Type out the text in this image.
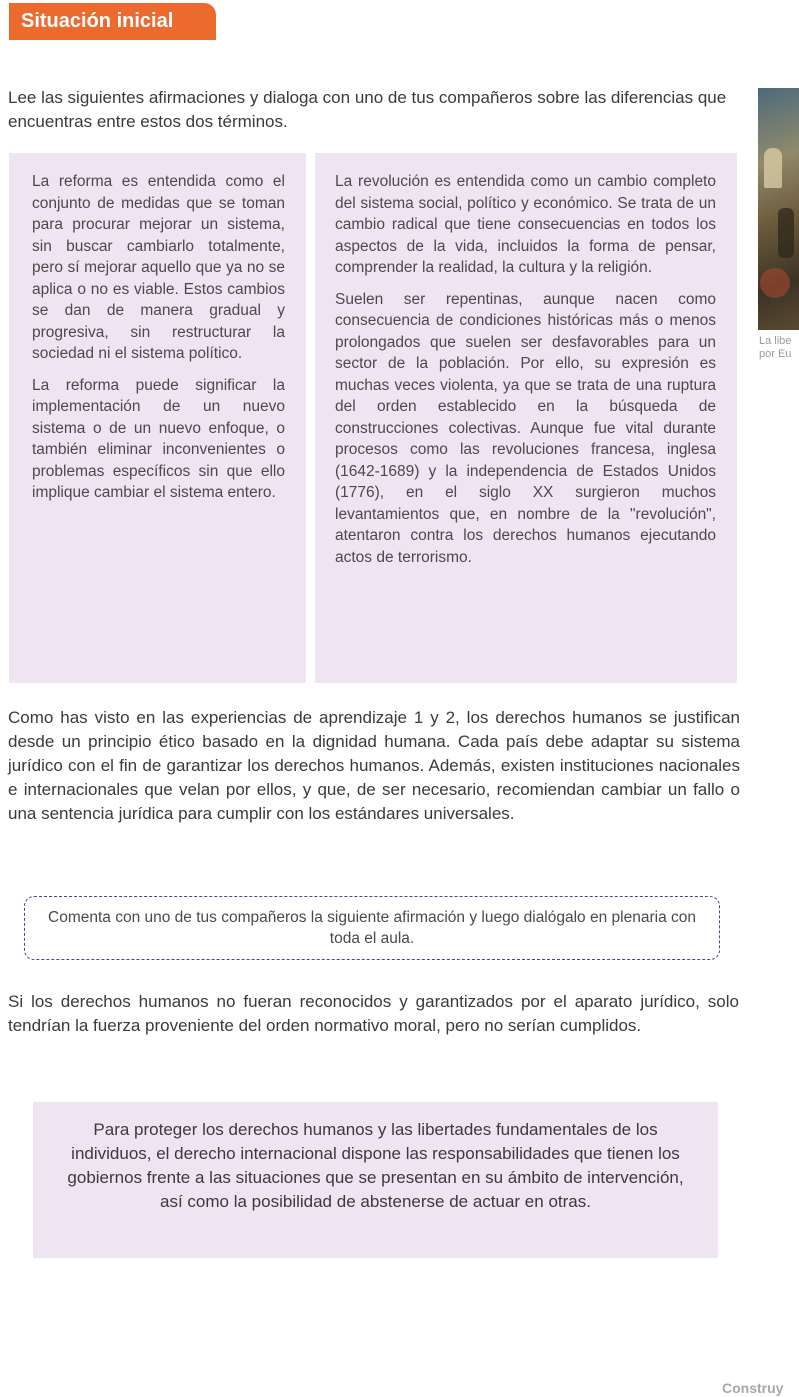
Situación inicial

Lee las siguientes afirmaciones y dialoga con uno de tus compañeros sobre las diferencias que encuentras entre estos dos términos.

La reforma es entendida como el conjunto de medidas que se toman para procurar mejorar un sistema, sin buscar cambiarlo totalmente, pero sí mejorar aquello que ya no se aplica o no es viable. Estos cambios se dan de manera gradual y progresiva, sin restructurar la sociedad ni el sistema político.

La reforma puede significar la implementación de un nuevo sistema o de un nuevo enfoque, o también eliminar inconvenientes o problemas específicos sin que ello implique cambiar el sistema entero.

La revolución es entendida como un cambio completo del sistema social, político y económico. Se trata de un cambio radical que tiene consecuencias en todos los aspectos de la vida, incluidos la forma de pensar, comprender la realidad, la cultura y la religión.

Suelen ser repentinas, aunque nacen como consecuencia de condiciones históricas más o menos prolongados que suelen ser desfavorables para un sector de la población. Por ello, su expresión es muchas veces violenta, ya que se trata de una ruptura del orden establecido en la búsqueda de construcciones colectivas. Aunque fue vital durante procesos como las revoluciones francesa, inglesa (1642-1689) y la independencia de Estados Unidos (1776), en el siglo XX surgieron muchos levantamientos que, en nombre de la "revolución", atentaron contra los derechos humanos ejecutando actos de terrorismo.

La libe
por Eu

Como has visto en las experiencias de aprendizaje 1 y 2, los derechos humanos se justifican desde un principio ético basado en la dignidad humana. Cada país debe adaptar su sistema jurídico con el fin de garantizar los derechos humanos. Además, existen instituciones nacionales e internacionales que velan por ellos, y que, de ser necesario, recomiendan cambiar un fallo o una sentencia jurídica para cumplir con los estándares universales.

Comenta con uno de tus compañeros la siguiente afirmación y luego dialógalo en plenaria con toda el aula.

Si los derechos humanos no fueran reconocidos y garantizados por el aparato jurídico, solo tendrían la fuerza proveniente del orden normativo moral, pero no serían cumplidos.

Para proteger los derechos humanos y las libertades fundamentales de los individuos, el derecho internacional dispone las responsabilidades que tienen los gobiernos frente a las situaciones que se presentan en su ámbito de intervención, así como la posibilidad de abstenerse de actuar en otras.
Construy
